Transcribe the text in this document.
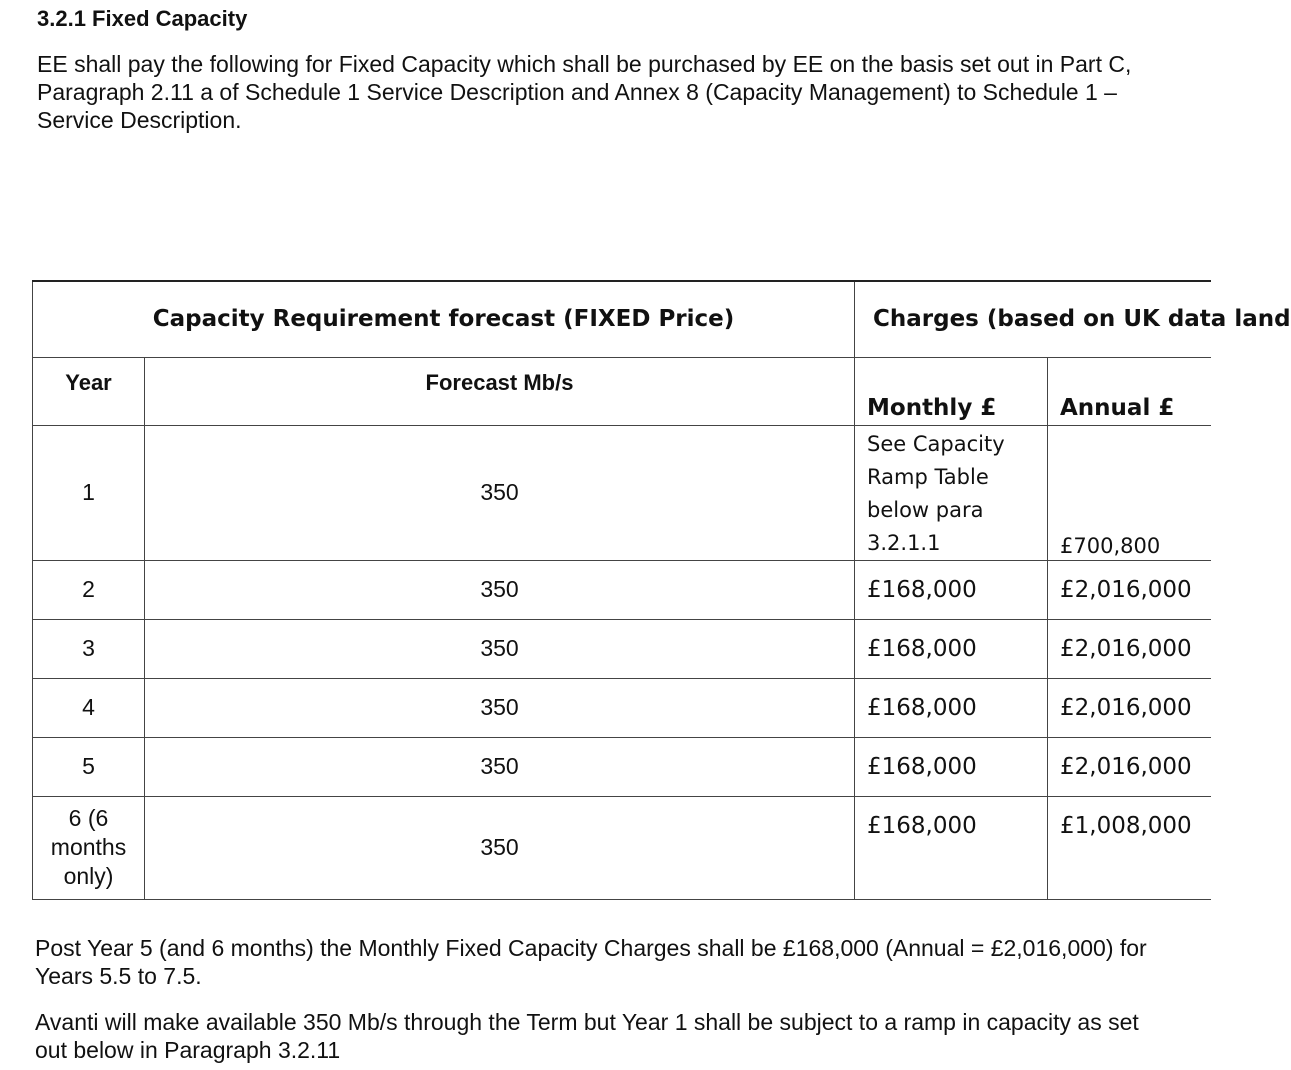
3.2.1 Fixed Capacity

EE shall pay the following for Fixed Capacity which shall be purchased by EE on the basis set out in Part C, Paragraph 2.11 a of Schedule 1 Service Description and Annex 8 (Capacity Management) to Schedule 1 – Service Description.

Capacity Requirement forecast (FIXED Price)		Charges (based on UK data land	
Year	Forecast Mb/s	Monthly £	Annual £
1	350	See Capacity
Ramp Table
below para
3.2.1.1	£700,800
2	350	£168,000	£2,016,000
3	350	£168,000	£2,016,000
4	350	£168,000	£2,016,000
5	350	£168,000	£2,016,000

6 (6
months
only)	350	£168,000	£1,008,000

Post Year 5 (and 6 months) the Monthly Fixed Capacity Charges shall be £168,000 (Annual = £2,016,000) for Years 5.5 to 7.5.

Avanti will make available 350 Mb/s through the Term but Year 1 shall be subject to a ramp in capacity as set out below in Paragraph 3.2.11
